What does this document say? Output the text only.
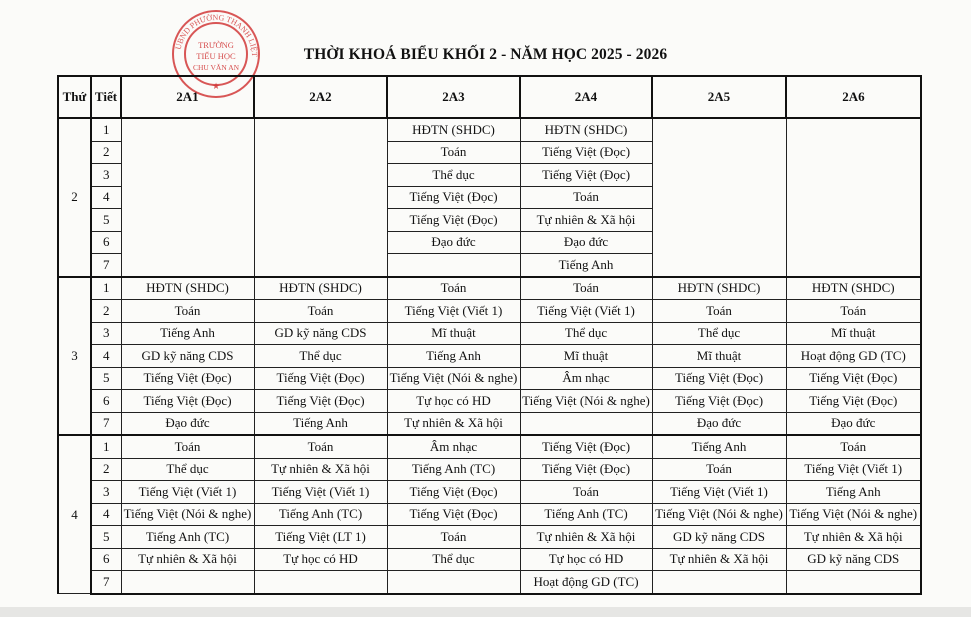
THỜI KHOÁ BIỂU KHỐI 2 - NĂM HỌC 2025 - 2026
UBND PHƯỜNG THANH LIỆT
TRƯỜNG
TIỂU HỌC
CHU VĂN AN
★
Thứ	Tiết	2A1	2A2	2A3	2A4	2A5	2A6
2	1			HĐTN (SHDC)	HĐTN (SHDC)		
	2			Toán	Tiếng Việt (Đọc)		
	3			Thể dục	Tiếng Việt (Đọc)		
	4			Tiếng Việt (Đọc)	Toán		
	5			Tiếng Việt (Đọc)	Tự nhiên & Xã hội		
	6			Đạo đức	Đạo đức		
	7				Tiếng Anh		
3	1	HĐTN (SHDC)	HĐTN (SHDC)	Toán	Toán	HĐTN (SHDC)	HĐTN (SHDC)
	2	Toán	Toán	Tiếng Việt (Viết 1)	Tiếng Việt (Viết 1)	Toán	Toán
	3	Tiếng Anh	GD kỹ năng CDS	Mĩ thuật	Thể dục	Thể dục	Mĩ thuật
	4	GD kỹ năng CDS	Thể dục	Tiếng Anh	Mĩ thuật	Mĩ thuật	Hoạt động GD (TC)
	5	Tiếng Việt (Đọc)	Tiếng Việt (Đọc)	Tiếng Việt (Nói & nghe)	Âm nhạc	Tiếng Việt (Đọc)	Tiếng Việt (Đọc)
	6	Tiếng Việt (Đọc)	Tiếng Việt (Đọc)	Tự học có HD	Tiếng Việt (Nói & nghe)	Tiếng Việt (Đọc)	Tiếng Việt (Đọc)
	7	Đạo đức	Tiếng Anh	Tự nhiên & Xã hội		Đạo đức	Đạo đức
4	1	Toán	Toán	Âm nhạc	Tiếng Việt (Đọc)	Tiếng Anh	Toán
	2	Thể dục	Tự nhiên & Xã hội	Tiếng Anh (TC)	Tiếng Việt (Đọc)	Toán	Tiếng Việt (Viết 1)
	3	Tiếng Việt (Viết 1)	Tiếng Việt (Viết 1)	Tiếng Việt (Đọc)	Toán	Tiếng Việt (Viết 1)	Tiếng Anh
	4	Tiếng Việt (Nói & nghe)	Tiếng Anh (TC)	Tiếng Việt (Đọc)	Tiếng Anh (TC)	Tiếng Việt (Nói & nghe)	Tiếng Việt (Nói & nghe)
	5	Tiếng Anh (TC)	Tiếng Việt (LT 1)	Toán	Tự nhiên & Xã hội	GD kỹ năng CDS	Tự nhiên & Xã hội
	6	Tự nhiên & Xã hội	Tự học có HD	Thể dục	Tự học có HD	Tự nhiên & Xã hội	GD kỹ năng CDS
	7				Hoạt động GD (TC)		
